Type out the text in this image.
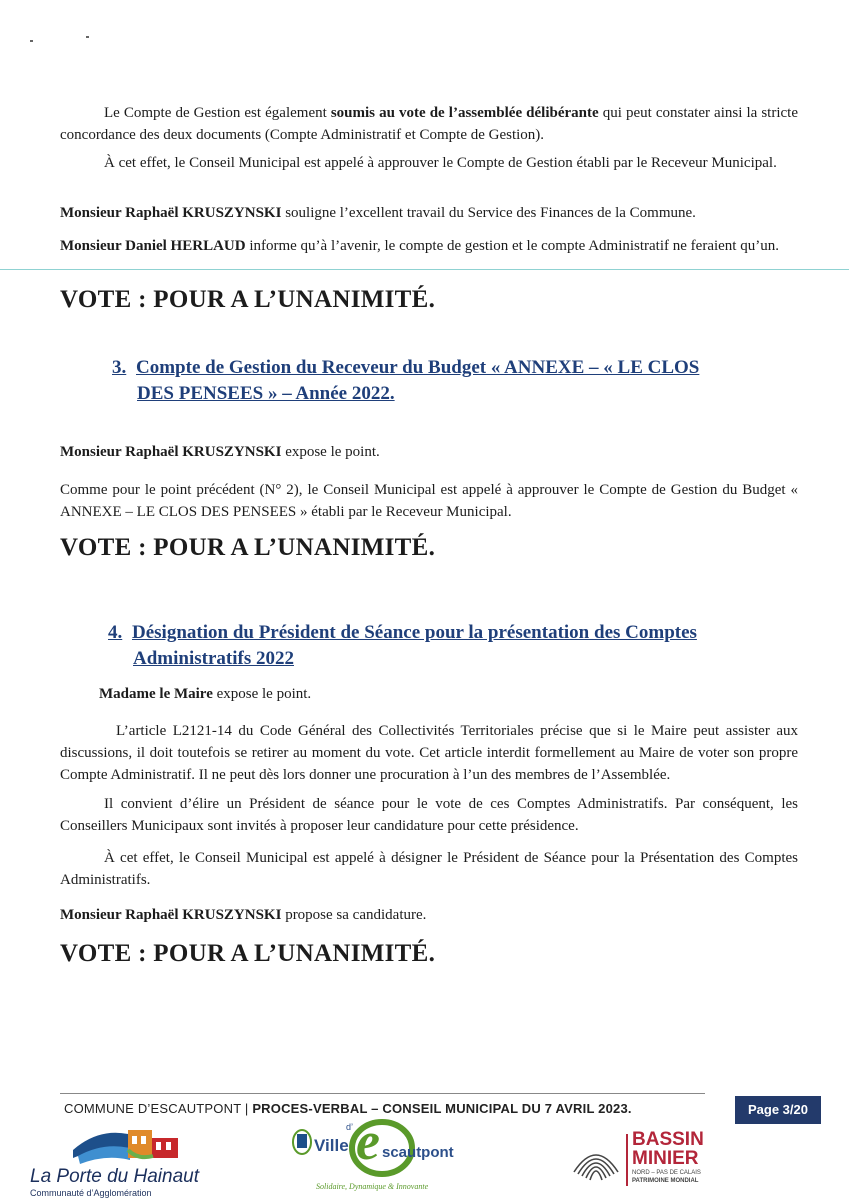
Le Compte de Gestion est également soumis au vote de l’assemblée délibérante qui peut constater ainsi la stricte concordance des deux documents (Compte Administratif et Compte de Gestion).

À cet effet, le Conseil Municipal est appelé à approuver le Compte de Gestion établi par le Receveur Municipal.

Monsieur Raphaël KRUSZYNSKI souligne l’excellent travail du Service des Finances de la Commune.

Monsieur Daniel HERLAUD informe qu’à l’avenir, le compte de gestion et le compte Administratif ne feraient qu’un.

VOTE : POUR A L’UNANIMITÉ.

3. Compte de Gestion du Receveur du Budget « ANNEXE – « LE CLOS
DES PENSEES » – Année 2022.

Monsieur Raphaël KRUSZYNSKI expose le point.

Comme pour le point précédent (N° 2), le Conseil Municipal est appelé à approuver le Compte de Gestion du Budget « ANNEXE – LE CLOS DES PENSEES » établi par le Receveur Municipal.

VOTE : POUR A L’UNANIMITÉ.

4. Désignation du Président de Séance pour la présentation des Comptes
Administratifs 2022

Madame le Maire expose le point.

L’article L2121-14 du Code Général des Collectivités Territoriales précise que si le Maire peut assister aux discussions, il doit toutefois se retirer au moment du vote. Cet article interdit formellement au Maire de voter son propre Compte Administratif. Il ne peut dès lors donner une procuration à l’un des membres de l’Assemblée.

Il convient d’élire un Président de séance pour le vote de ces Comptes Administratifs. Par conséquent, les Conseillers Municipaux sont invités à proposer leur candidature pour cette présidence.

À cet effet, le Conseil Municipal est appelé à désigner le Président de Séance pour la Présentation des Comptes Administratifs.

Monsieur Raphaël KRUSZYNSKI propose sa candidature.

VOTE : POUR A L’UNANIMITÉ.

COMMUNE D’ESCAUTPONT | PROCES-VERBAL – CONSEIL MUNICIPAL DU 7 AVRIL 2023.	Page 3/20
La Porte du Hainaut
Communauté d’Agglomération
Ville
d’ e scautpont
Solidaire, Dynamique & Innovante
BASSIN
MINIER
NORD – PAS DE CALAIS
PATRIMOINE MONDIAL
